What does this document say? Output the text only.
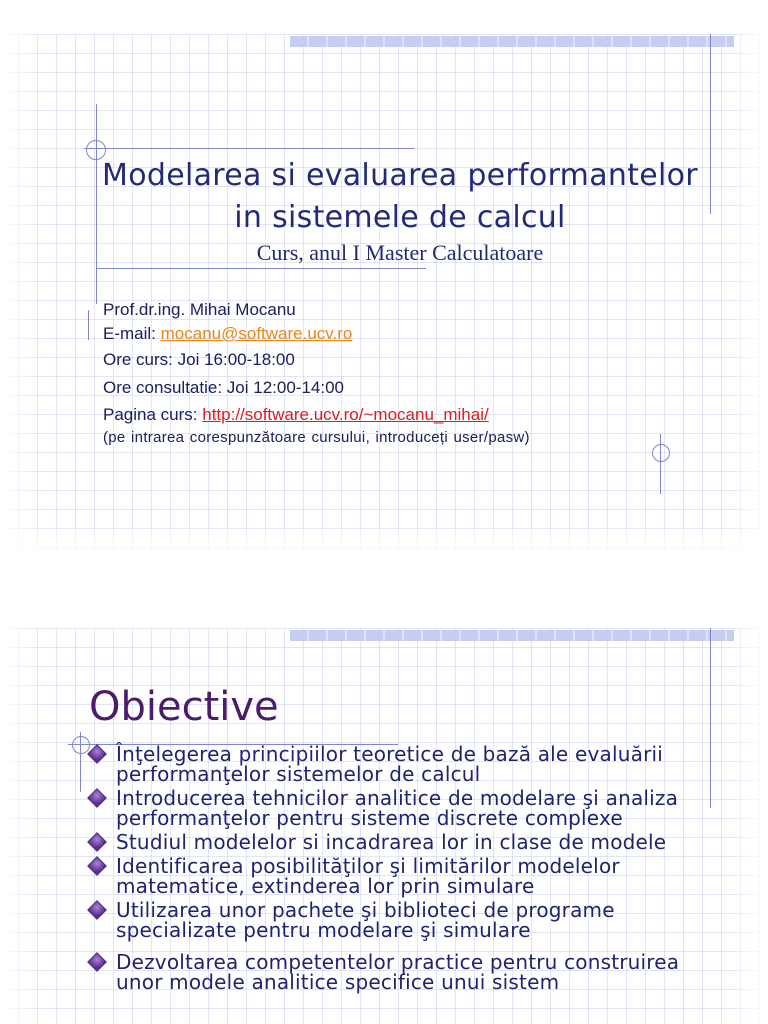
Modelarea si evaluarea performantelor
in sistemele de calcul
Curs, anul I Master Calculatoare
Prof.dr.ing. Mihai Mocanu
E-mail: mocanu@software.ucv.ro
Ore curs: Joi 16:00-18:00
Ore consultatie: Joi 12:00-14:00
Pagina curs: http://software.ucv.ro/~mocanu_mihai/
(pe intrarea corespunzătoare cursului, introduceți user/pasw)
Obiective
Înţelegerea principiilor teoretice de bază ale evaluării
performanţelor sistemelor de calcul
Introducerea tehnicilor analitice de modelare şi analiza
performanţelor pentru sisteme discrete complexe
Studiul modelelor si incadrarea lor in clase de modele
Identificarea posibilităţilor şi limitărilor modelelor
matematice, extinderea lor prin simulare
Utilizarea unor pachete şi biblioteci de programe
specializate pentru modelare şi simulare
Dezvoltarea competentelor practice pentru construirea
unor modele analitice specifice unui sistem
